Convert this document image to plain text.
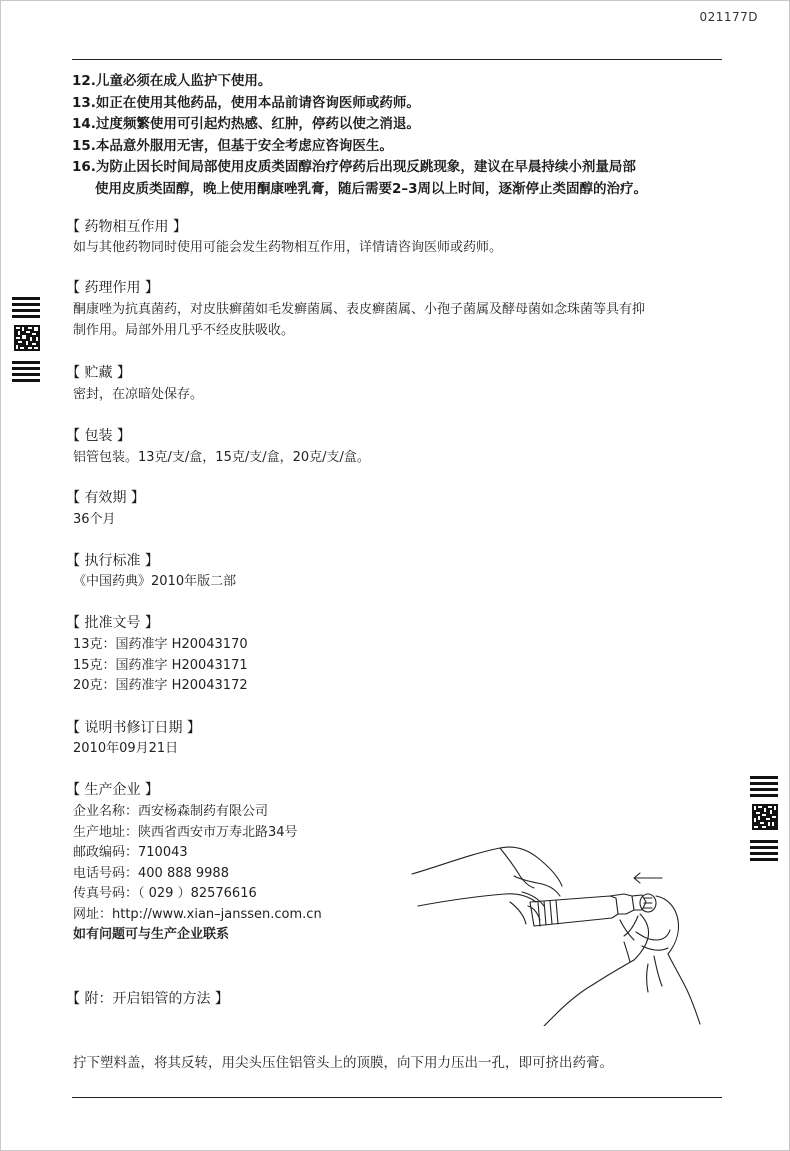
021177D
12.儿童必须在成人监护下使用。
13.如正在使用其他药品，使用本品前请咨询医师或药师。
14.过度频繁使用可引起灼热感、红肿，停药以使之消退。
15.本品意外服用无害，但基于安全考虑应咨询医生。
16.为防止因长时间局部使用皮质类固醇治疗停药后出现反跳现象，建议在早晨持续小剂量局部
使用皮质类固醇，晚上使用酮康唑乳膏，随后需要2–3周以上时间，逐渐停止类固醇的治疗。
【 药物相互作用 】
如与其他药物同时使用可能会发生药物相互作用，详情请咨询医师或药师。
【 药理作用 】
酮康唑为抗真菌药，对皮肤癣菌如毛发癣菌属、表皮癣菌属、小孢子菌属及酵母菌如念珠菌等具有抑
制作用。局部外用几乎不经皮肤吸收。
【 贮藏 】
密封，在凉暗处保存。
【 包装 】
铝管包装。13克/支/盒，15克/支/盒，20克/支/盒。
【 有效期 】
36个月
【 执行标准 】
《中国药典》2010年版二部
【 批准文号 】
13克：国药准字 H20043170
15克：国药准字 H20043171
20克：国药准字 H20043172
【 说明书修订日期 】
2010年09月21日
【 生产企业 】
企业名称：西安杨森制药有限公司
生产地址：陕西省西安市万寿北路34号
邮政编码：710043
电话号码：400 888 9988
传真号码：（ 029 ）82576616
网址：http://www.xian–janssen.com.cn
如有问题可与生产企业联系
【 附：开启铝管的方法 】
拧下塑料盖，将其反转，用尖头压住铝管头上的顶膜，向下用力压出一孔，即可挤出药膏。
